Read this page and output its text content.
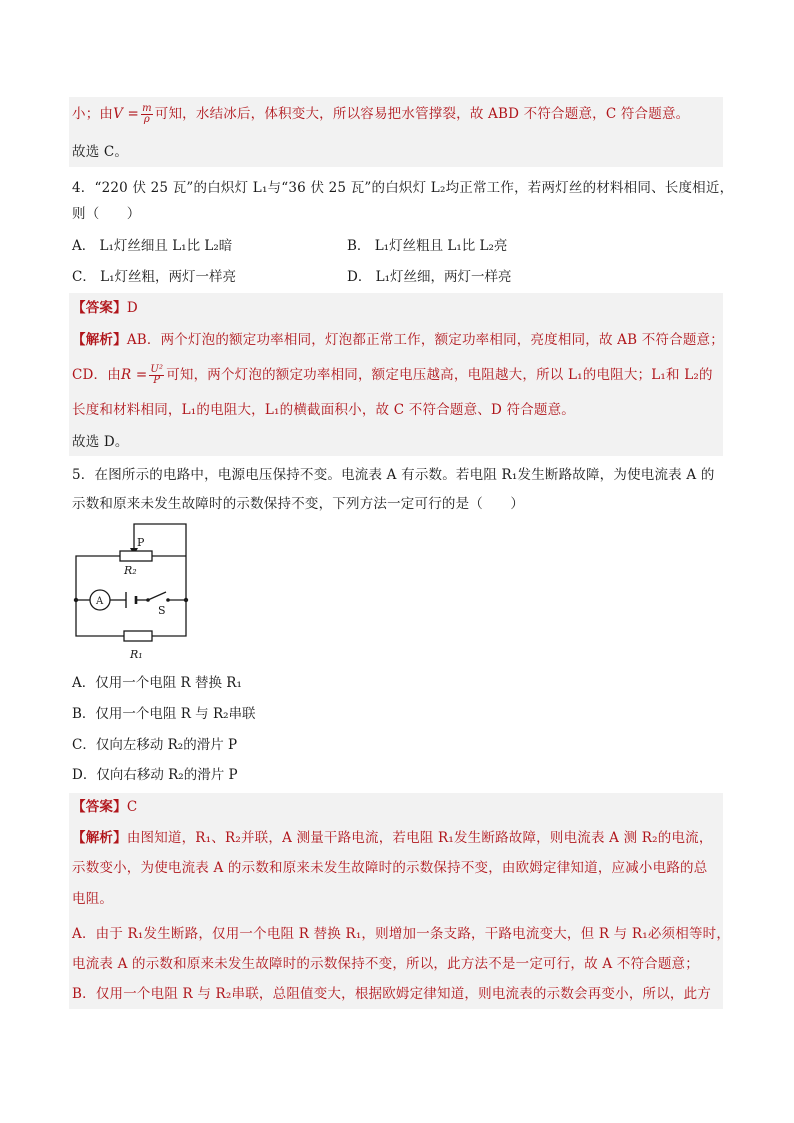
小；由$V = \frac{m}{\rho}$ 可知，水结冰后，体积变大，所以容易把水管撑裂，故 ABD 不符合题意，C 符合题意。
故选 C。
4．“220 伏 25 瓦”的白炽灯 L₁与“36 伏 25 瓦”的白炽灯 L₂均正常工作，若两灯丝的材料相同、长度相近，
则（　　）
A． L₁灯丝细且 L₁比 L₂暗	B． L₁灯丝粗且 L₁比 L₂亮
C． L₁灯丝粗，两灯一样亮	D． L₁灯丝细，两灯一样亮
【答案】D
【解析】AB．两个灯泡的额定功率相同，灯泡都正常工作，额定功率相同，亮度相同，故 AB 不符合题意；
CD．由$R = \frac{\text{U²}}{P}$ 可知，两个灯泡的额定功率相同，额定电压越高，电阻越大，所以 L₁的电阻大；L₁和 L₂的
长度和材料相同，L₁的电阻大，L₁的横截面积小，故 C 不符合题意、D 符合题意。
故选 D。
5．在图所示的电路中，电源电压保持不变。电流表 A 有示数。若电阻 R₁发生断路故障，为使电流表 A 的
示数和原来未发生故障时的示数保持不变，下列方法一定可行的是（　　）
P
R₂
A
S
R₁
A．仅用一个电阻 R 替换 R₁
B．仅用一个电阻 R 与 R₂串联
C．仅向左移动 R₂的滑片 P
D．仅向右移动 R₂的滑片 P
【答案】C
【解析】由图知道，R₁、R₂并联，A 测量干路电流，若电阻 R₁发生断路故障，则电流表 A 测 R₂的电流，
示数变小，为使电流表 A 的示数和原来未发生故障时的示数保持不变，由欧姆定律知道，应减小电路的总
电阻。
A．由于 R₁发生断路，仅用一个电阻 R 替换 R₁，则增加一条支路，干路电流变大，但 R 与 R₁必须相等时，
电流表 A 的示数和原来未发生故障时的示数保持不变，所以，此方法不是一定可行，故 A 不符合题意；
B．仅用一个电阻 R 与 R₂串联，总阻值变大，根据欧姆定律知道，则电流表的示数会再变小，所以，此方
